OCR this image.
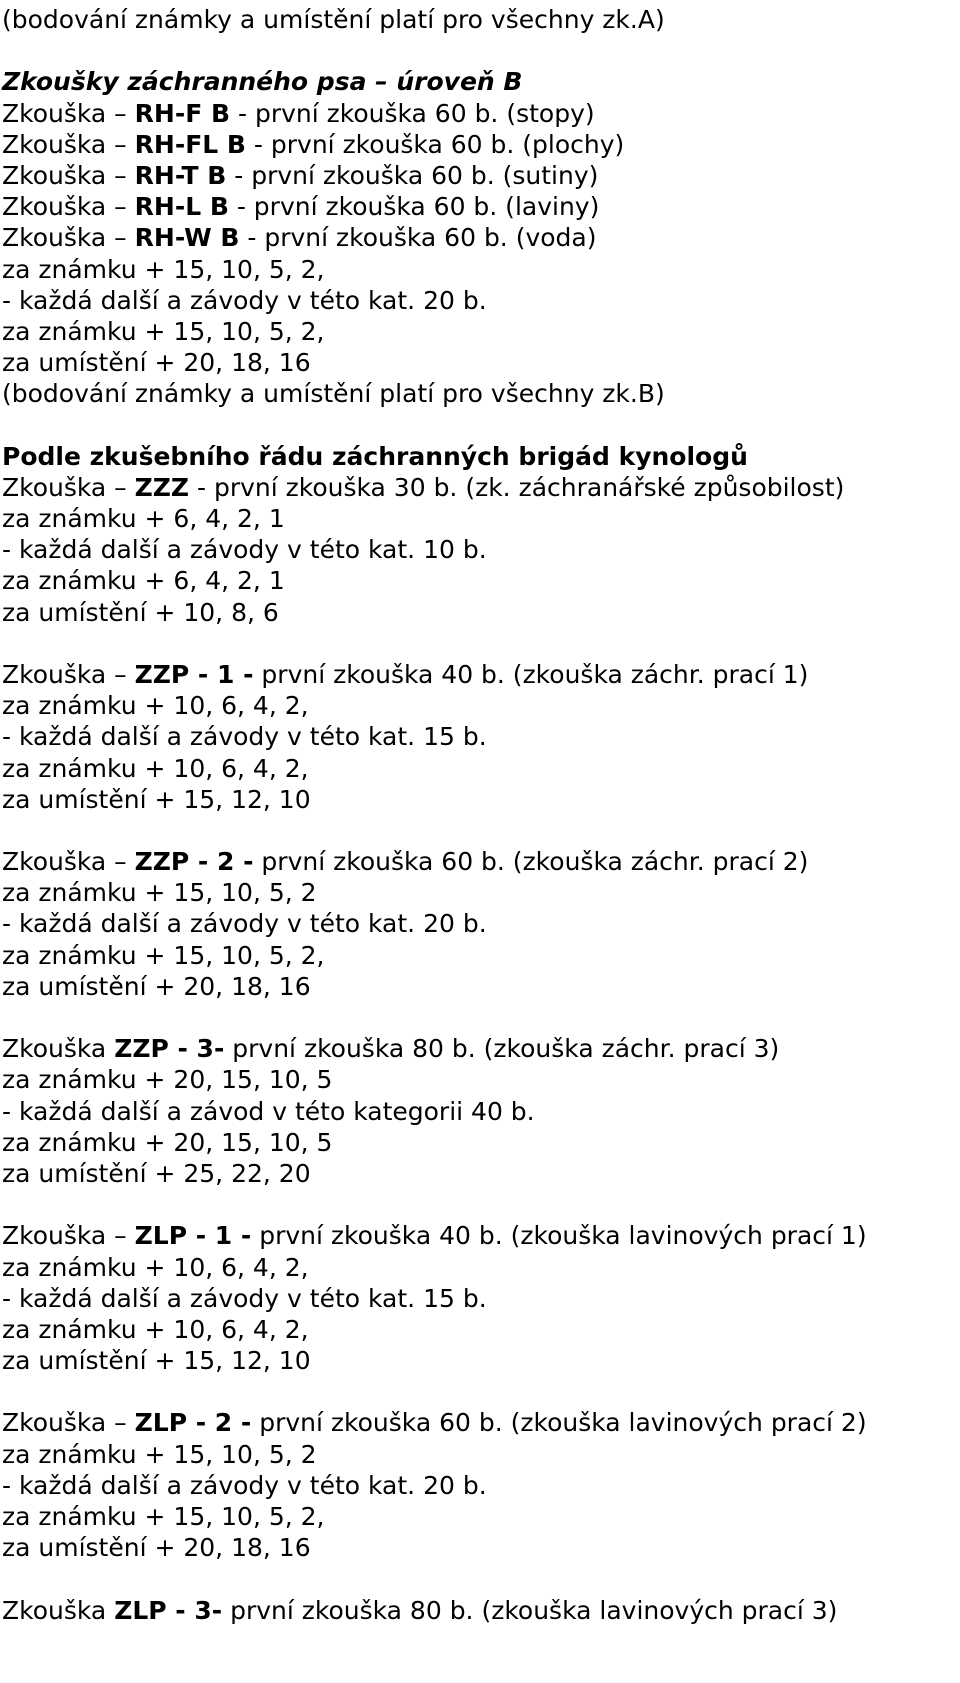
(bodování známky a umístění platí pro všechny zk.A)
Zkoušky záchranného psa – úroveň B
Zkouška – RH-F B - první zkouška 60 b. (stopy)
Zkouška – RH-FL B - první zkouška 60 b. (plochy)
Zkouška – RH-T B - první zkouška 60 b. (sutiny)
Zkouška – RH-L B - první zkouška 60 b. (laviny)
Zkouška – RH-W B - první zkouška 60 b. (voda)
za známku + 15, 10, 5, 2,
- každá další a závody v této kat. 20 b.
za známku + 15, 10, 5, 2,
za umístění + 20, 18, 16
(bodování známky a umístění platí pro všechny zk.B)
Podle zkušebního řádu záchranných brigád kynologů
Zkouška – ZZZ - první zkouška 30 b. (zk. záchranářské způsobilost)
za známku + 6, 4, 2, 1
- každá další a závody v této kat. 10 b.
za známku + 6, 4, 2, 1
za umístění + 10, 8, 6
Zkouška – ZZP - 1 - první zkouška 40 b. (zkouška záchr. prací 1)
za známku + 10, 6, 4, 2,
- každá další a závody v této kat. 15 b.
za známku + 10, 6, 4, 2,
za umístění + 15, 12, 10
Zkouška – ZZP - 2 - první zkouška 60 b. (zkouška záchr. prací 2)
za známku + 15, 10, 5, 2
- každá další a závody v této kat. 20 b.
za známku + 15, 10, 5, 2,
za umístění + 20, 18, 16
Zkouška ZZP - 3- první zkouška 80 b. (zkouška záchr. prací 3)
za známku + 20, 15, 10, 5
- každá další a závod v této kategorii 40 b.
za známku + 20, 15, 10, 5
za umístění + 25, 22, 20
Zkouška – ZLP - 1 - první zkouška 40 b. (zkouška lavinových prací 1)
za známku + 10, 6, 4, 2,
- každá další a závody v této kat. 15 b.
za známku + 10, 6, 4, 2,
za umístění + 15, 12, 10
Zkouška – ZLP - 2 - první zkouška 60 b. (zkouška lavinových prací 2)
za známku + 15, 10, 5, 2
- každá další a závody v této kat. 20 b.
za známku + 15, 10, 5, 2,
za umístění + 20, 18, 16
Zkouška ZLP - 3- první zkouška 80 b. (zkouška lavinových prací 3)
